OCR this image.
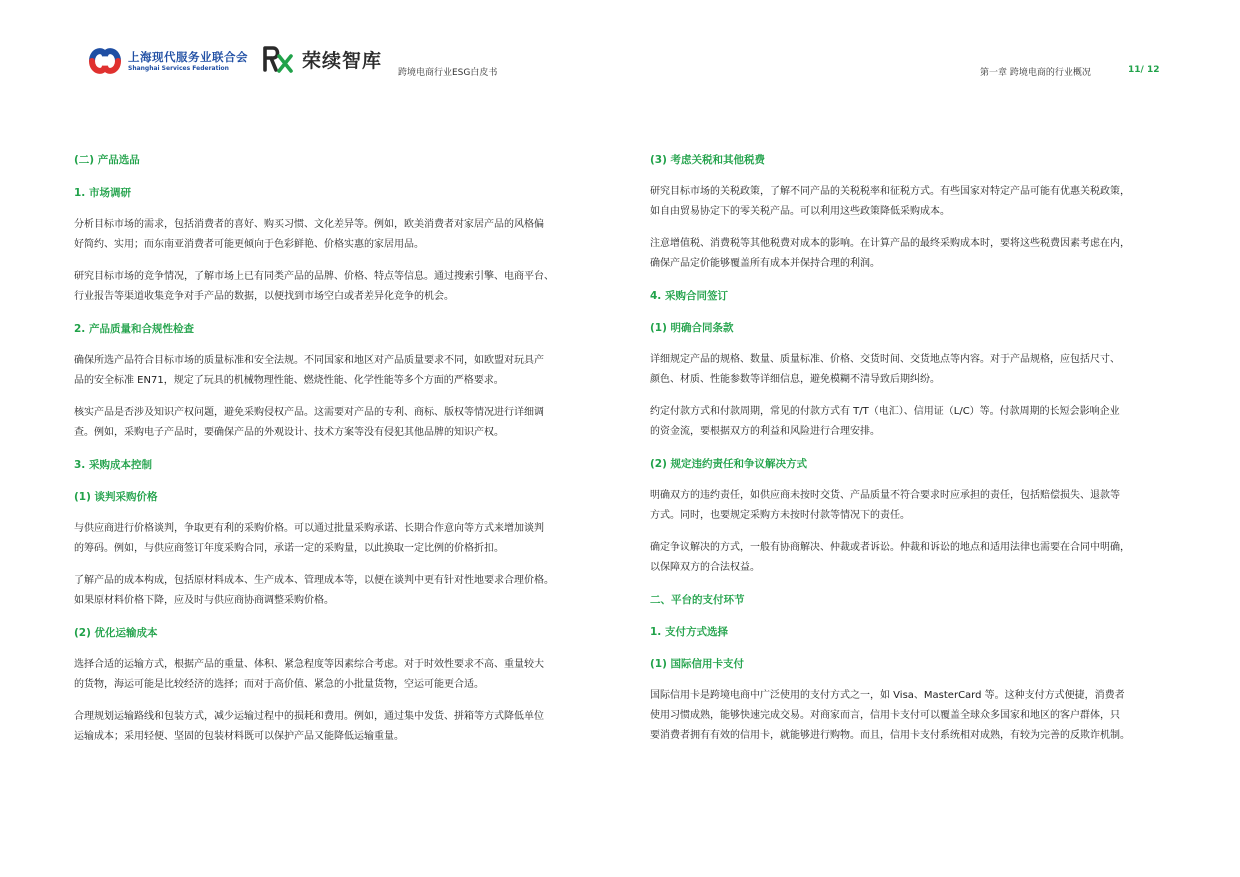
上海现代服务业联合会
Shanghai Services Federation	荣续智库
跨境电商行业ESG白皮书	第一章 跨境电商的行业概况	11/ 12
(二) 产品选品
1. 市场调研
分析目标市场的需求，包括消费者的喜好、购买习惯、文化差异等。例如，欧美消费者对家居产品的风格偏
好简约、实用；而东南亚消费者可能更倾向于色彩鲜艳、价格实惠的家居用品。
研究目标市场的竞争情况，了解市场上已有同类产品的品牌、价格、特点等信息。通过搜索引擎、电商平台、
行业报告等渠道收集竞争对手产品的数据，以便找到市场空白或者差异化竞争的机会。
2. 产品质量和合规性检查
确保所选产品符合目标市场的质量标准和安全法规。不同国家和地区对产品质量要求不同，如欧盟对玩具产
品的安全标准 EN71，规定了玩具的机械物理性能、燃烧性能、化学性能等多个方面的严格要求。
核实产品是否涉及知识产权问题，避免采购侵权产品。这需要对产品的专利、商标、版权等情况进行详细调
查。例如，采购电子产品时，要确保产品的外观设计、技术方案等没有侵犯其他品牌的知识产权。
3. 采购成本控制
(1) 谈判采购价格
与供应商进行价格谈判，争取更有利的采购价格。可以通过批量采购承诺、长期合作意向等方式来增加谈判
的筹码。例如，与供应商签订年度采购合同，承诺一定的采购量，以此换取一定比例的价格折扣。
了解产品的成本构成，包括原材料成本、生产成本、管理成本等，以便在谈判中更有针对性地要求合理价格。
如果原材料价格下降，应及时与供应商协商调整采购价格。
(2) 优化运输成本
选择合适的运输方式，根据产品的重量、体积、紧急程度等因素综合考虑。对于时效性要求不高、重量较大
的货物，海运可能是比较经济的选择；而对于高价值、紧急的小批量货物，空运可能更合适。
合理规划运输路线和包装方式，减少运输过程中的损耗和费用。例如，通过集中发货、拼箱等方式降低单位
运输成本；采用轻便、坚固的包装材料既可以保护产品又能降低运输重量。
(3) 考虑关税和其他税费
研究目标市场的关税政策，了解不同产品的关税税率和征税方式。有些国家对特定产品可能有优惠关税政策，
如自由贸易协定下的零关税产品。可以利用这些政策降低采购成本。
注意增值税、消费税等其他税费对成本的影响。在计算产品的最终采购成本时，要将这些税费因素考虑在内，
确保产品定价能够覆盖所有成本并保持合理的利润。
4. 采购合同签订
(1) 明确合同条款
详细规定产品的规格、数量、质量标准、价格、交货时间、交货地点等内容。对于产品规格，应包括尺寸、
颜色、材质、性能参数等详细信息，避免模糊不清导致后期纠纷。
约定付款方式和付款周期，常见的付款方式有 T/T（电汇）、信用证（L/C）等。付款周期的长短会影响企业
的资金流，要根据双方的利益和风险进行合理安排。
(2) 规定违约责任和争议解决方式
明确双方的违约责任，如供应商未按时交货、产品质量不符合要求时应承担的责任，包括赔偿损失、退款等
方式。同时，也要规定采购方未按时付款等情况下的责任。
确定争议解决的方式，一般有协商解决、仲裁或者诉讼。仲裁和诉讼的地点和适用法律也需要在合同中明确，
以保障双方的合法权益。
二、平台的支付环节
1. 支付方式选择
(1) 国际信用卡支付
国际信用卡是跨境电商中广泛使用的支付方式之一，如 Visa、MasterCard 等。这种支付方式便捷，消费者
使用习惯成熟，能够快速完成交易。对商家而言，信用卡支付可以覆盖全球众多国家和地区的客户群体，只
要消费者拥有有效的信用卡，就能够进行购物。而且，信用卡支付系统相对成熟，有较为完善的反欺诈机制。
